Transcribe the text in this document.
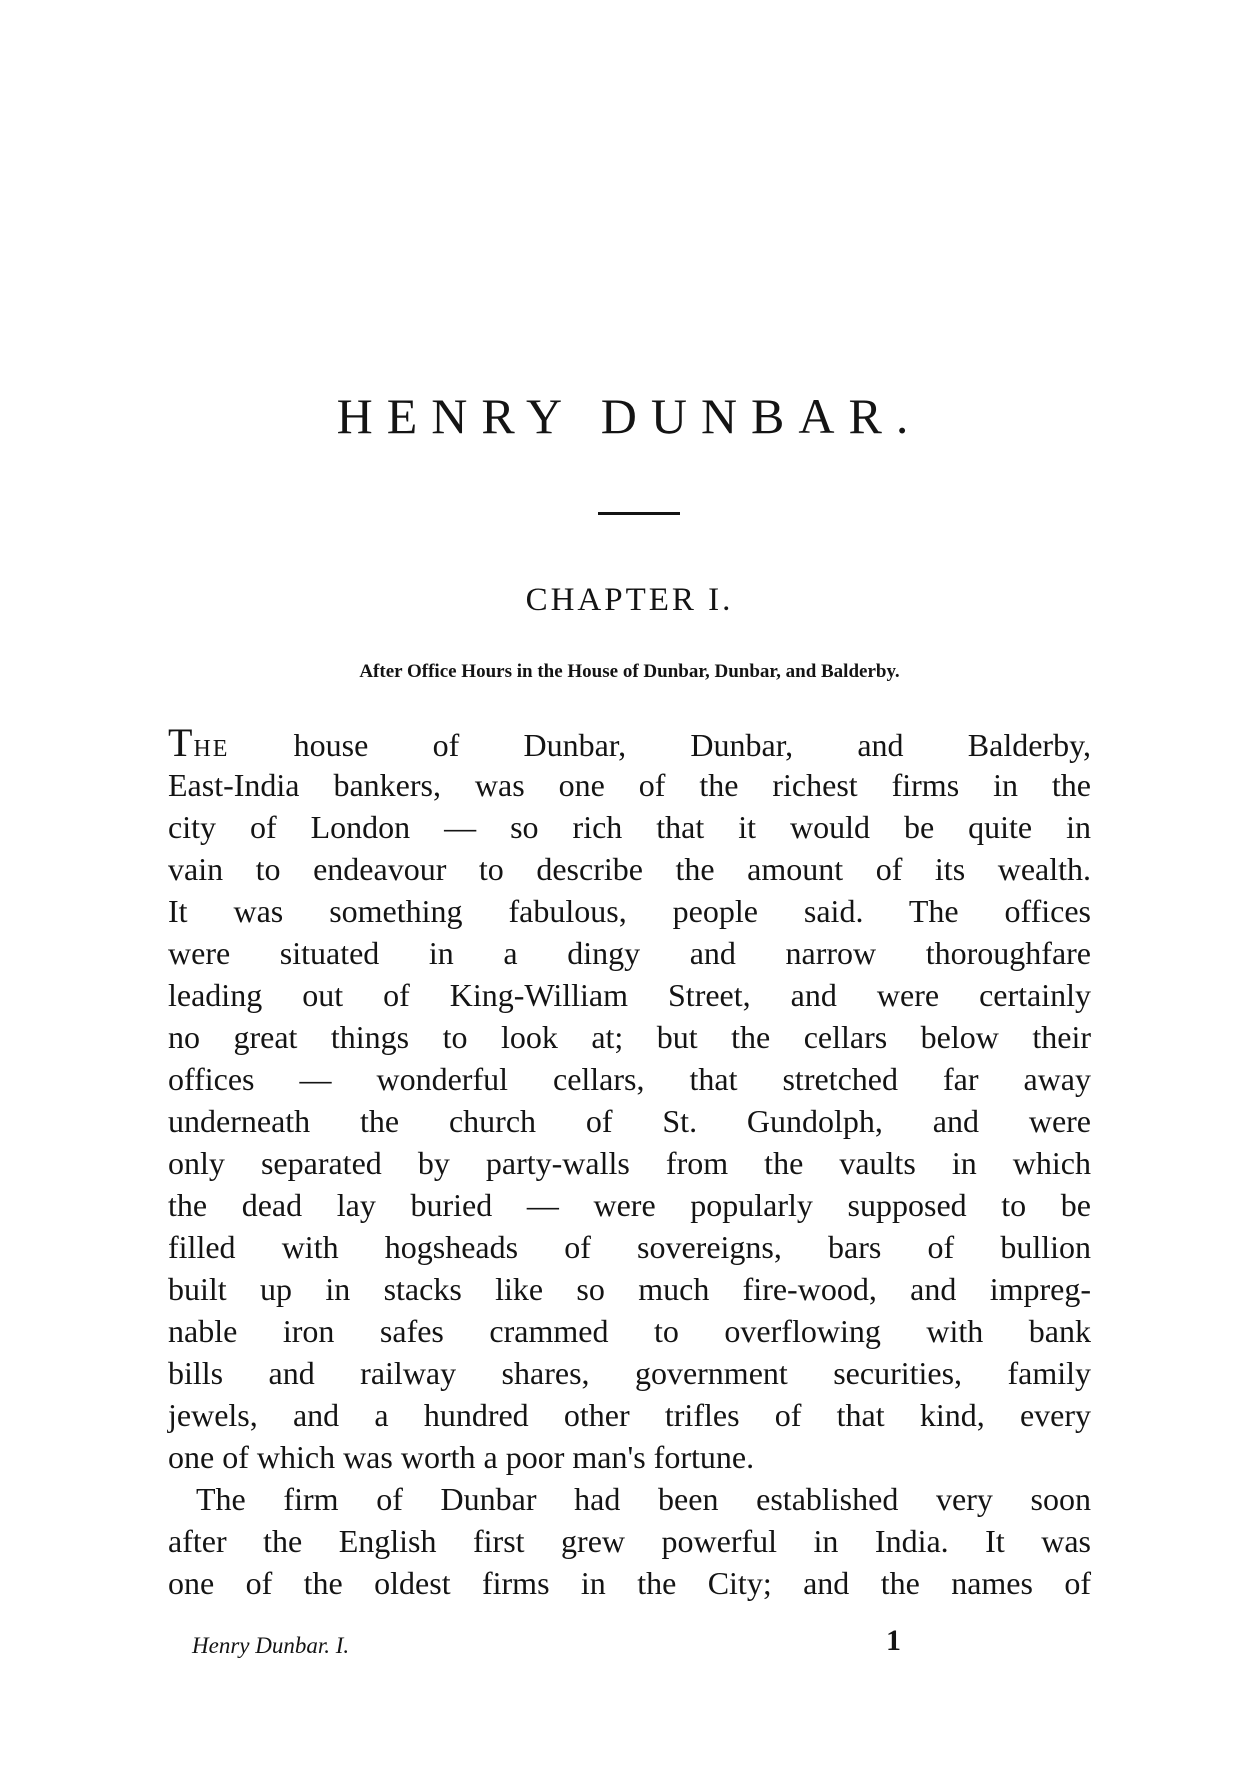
HENRY DUNBAR.
CHAPTER I.
After Office Hours in the House of Dunbar, Dunbar, and Balderby.
THE house of Dunbar, Dunbar, and Balderby,
East-India bankers, was one of the richest firms in the
city of London — so rich that it would be quite in
vain to endeavour to describe the amount of its wealth.
It was something fabulous, people said. The offices
were situated in a dingy and narrow thoroughfare
leading out of King-William Street, and were certainly
no great things to look at; but the cellars below their
offices — wonderful cellars, that stretched far away
underneath the church of St. Gundolph, and were
only separated by party-walls from the vaults in which
the dead lay buried — were popularly supposed to be
filled with hogsheads of sovereigns, bars of bullion
built up in stacks like so much fire-wood, and impreg-
nable iron safes crammed to overflowing with bank
bills and railway shares, government securities, family
jewels, and a hundred other trifles of that kind, every
one of which was worth a poor man's fortune.
The firm of Dunbar had been established very soon
after the English first grew powerful in India. It was
one of the oldest firms in the City; and the names of
Henry Dunbar. I.	1
